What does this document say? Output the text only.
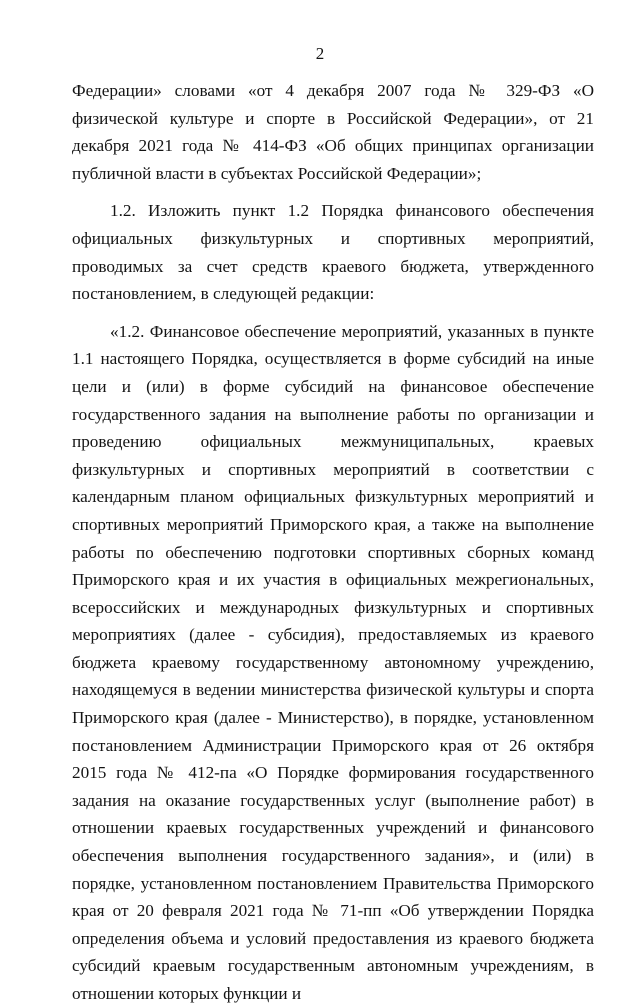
2

Федерации» словами «от 4 декабря 2007 года № 329-ФЗ «О физической культуре и спорте в Российской Федерации», от 21 декабря 2021 года № 414-ФЗ «Об общих принципах организации публичной власти в субъектах Российской Федерации»;

1.2. Изложить пункт 1.2 Порядка финансового обеспечения официальных физкультурных и спортивных мероприятий, проводимых за счет средств краевого бюджета, утвержденного постановлением, в следующей редакции:

«1.2. Финансовое обеспечение мероприятий, указанных в пункте 1.1 настоящего Порядка, осуществляется в форме субсидий на иные цели и (или) в форме субсидий на финансовое обеспечение государственного задания на выполнение работы по организации и проведению официальных межмуниципальных, краевых физкультурных и спортивных мероприятий в соответствии с календарным планом официальных физкультурных мероприятий и спортивных мероприятий Приморского края, а также на выполнение работы по обеспечению подготовки спортивных сборных команд Приморского края и их участия в официальных межрегиональных, всероссийских и международных физкультурных и спортивных мероприятиях (далее - субсидия), предоставляемых из краевого бюджета краевому государственному автономному учреждению, находящемуся в ведении министерства физической культуры и спорта Приморского края (далее - Министерство), в порядке, установленном постановлением Администрации Приморского края от 26 октября 2015 года № 412-па «О Порядке формирования государственного задания на оказание государственных услуг (выполнение работ) в отношении краевых государственных учреждений и финансового обеспечения выполнения государственного задания», и (или) в порядке, установленном постановлением Правительства Приморского края от 20 февраля 2021 года № 71-пп «Об утверждении Порядка определения объема и условий предоставления из краевого бюджета субсидий краевым государственным автономным учреждениям, в отношении которых функции и
